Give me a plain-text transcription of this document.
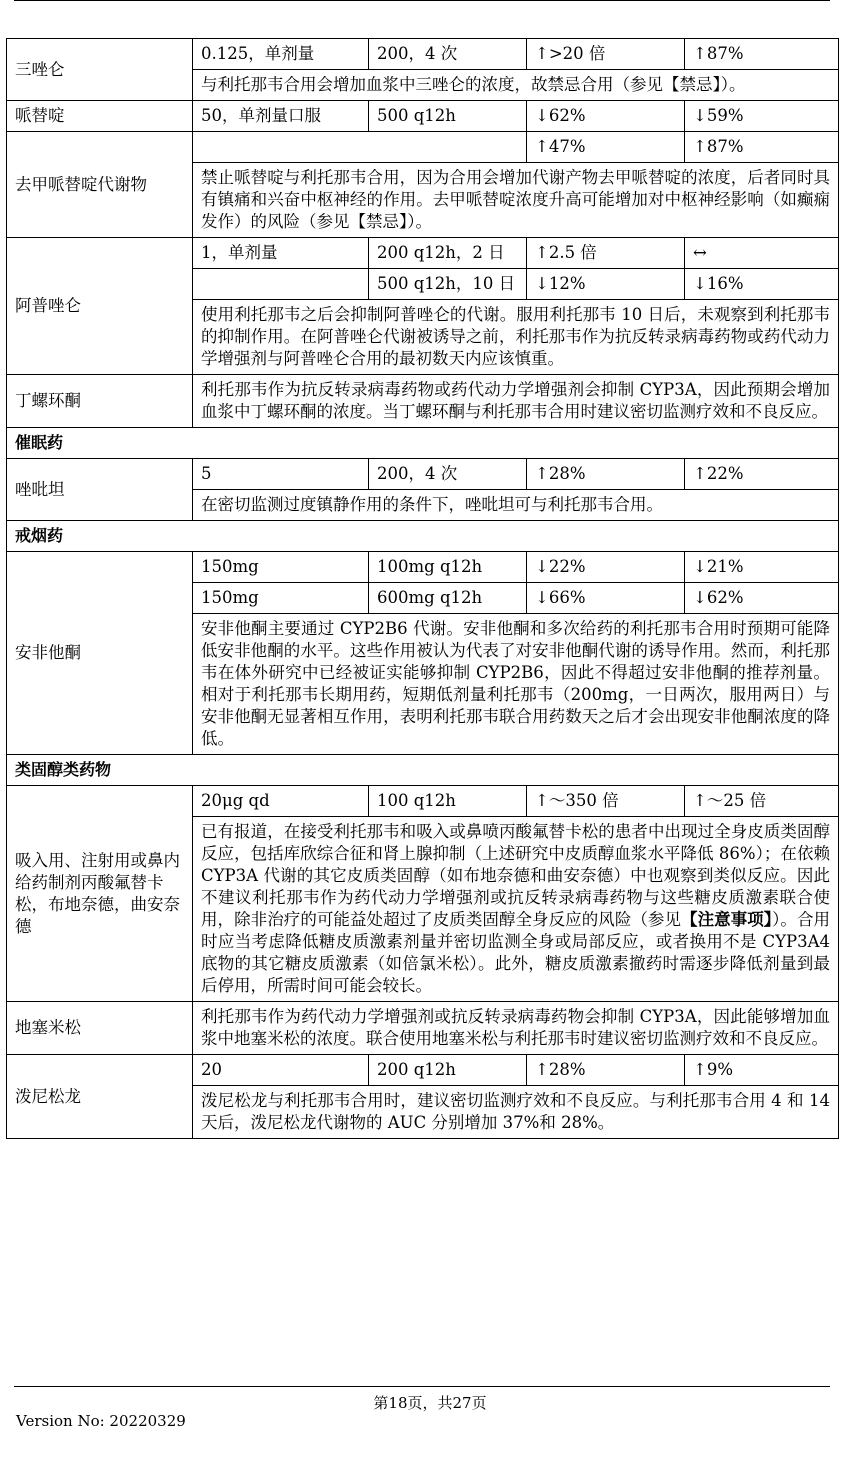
三唑仑	0.125，单剂量	200，4 次	↑>20 倍	↑87%
	与利托那韦合用会增加血浆中三唑仑的浓度，故禁忌合用（参见【禁忌】）。			
哌替啶	50，单剂量口服	500 q12h	↓62%	↓59%
去甲哌替啶代谢物			↑47%	↑87%
	禁止哌替啶与利托那韦合用，因为合用会增加代谢产物去甲哌替啶的浓度，后者同时具有镇痛和兴奋中枢神经的作用。去甲哌替啶浓度升高可能增加对中枢神经影响（如癫痫发作）的风险（参见【禁忌】）。			
阿普唑仑	1，单剂量	200 q12h，2 日	↑2.5 倍	↔
		500 q12h，10 日	↓12%	↓16%
	使用利托那韦之后会抑制阿普唑仑的代谢。服用利托那韦 10 日后，未观察到利托那韦的抑制作用。在阿普唑仑代谢被诱导之前，利托那韦作为抗反转录病毒药物或药代动力学增强剂与阿普唑仑合用的最初数天内应该慎重。			
丁螺环酮	利托那韦作为抗反转录病毒药物或药代动力学增强剂会抑制 CYP3A，因此预期会增加血浆中丁螺环酮的浓度。当丁螺环酮与利托那韦合用时建议密切监测疗效和不良反应。			
催眠药				
唑吡坦	5	200，4 次	↑28%	↑22%
	在密切监测过度镇静作用的条件下，唑吡坦可与利托那韦合用。			
戒烟药				
安非他酮	150mg	100mg q12h	↓22%	↓21%
	150mg	600mg q12h	↓66%	↓62%
	安非他酮主要通过 CYP2B6 代谢。安非他酮和多次给药的利托那韦合用时预期可能降低安非他酮的水平。这些作用被认为代表了对安非他酮代谢的诱导作用。然而，利托那韦在体外研究中已经被证实能够抑制 CYP2B6，因此不得超过安非他酮的推荐剂量。相对于利托那韦长期用药，短期低剂量利托那韦（200mg，一日两次，服用两日）与安非他酮无显著相互作用，表明利托那韦联合用药数天之后才会出现安非他酮浓度的降低。			
类固醇类药物				
吸入用、注射用或鼻内给药制剂丙酸氟替卡松，布地奈德，曲安奈德	20μg qd	100 q12h	↑～350 倍	↑～25 倍
	已有报道，在接受利托那韦和吸入或鼻喷丙酸氟替卡松的患者中出现过全身皮质类固醇反应，包括库欣综合征和肾上腺抑制（上述研究中皮质醇血浆水平降低 86%）；在依赖 CYP3A 代谢的其它皮质类固醇（如布地奈德和曲安奈德）中也观察到类似反应。因此不建议利托那韦作为药代动力学增强剂或抗反转录病毒药物与这些糖皮质激素联合使用，除非治疗的可能益处超过了皮质类固醇全身反应的风险（参见【注意事项】）。合用时应当考虑降低糖皮质激素剂量并密切监测全身或局部反应，或者换用不是 CYP3A4 底物的其它糖皮质激素（如倍氯米松）。此外，糖皮质激素撤药时需逐步降低剂量到最后停用，所需时间可能会较长。			
地塞米松	利托那韦作为药代动力学增强剂或抗反转录病毒药物会抑制 CYP3A，因此能够增加血浆中地塞米松的浓度。联合使用地塞米松与利托那韦时建议密切监测疗效和不良反应。			
泼尼松龙	20	200 q12h	↑28%	↑9%
	泼尼松龙与利托那韦合用时，建议密切监测疗效和不良反应。与利托那韦合用 4 和 14 天后，泼尼松龙代谢物的 AUC 分别增加 37%和 28%。			
第18页，共27页
Version No: 20220329
